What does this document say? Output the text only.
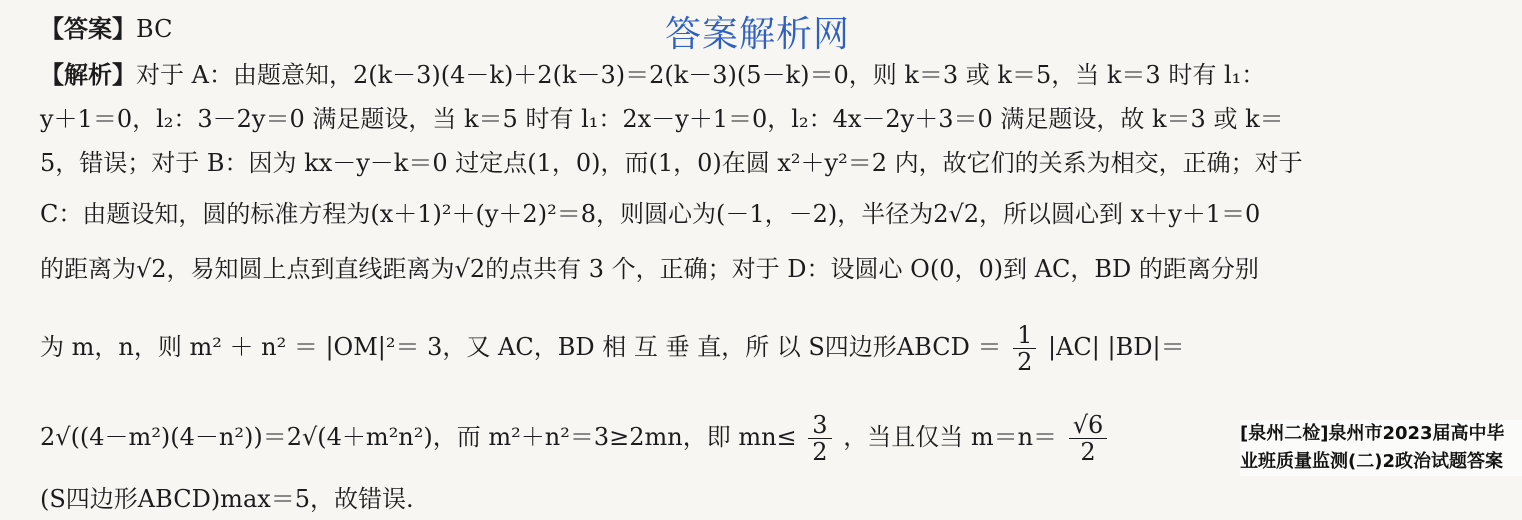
答案解析网
【答案】BC
【解析】对于 A：由题意知，2(k－3)(4－k)＋2(k－3)＝2(k－3)(5－k)＝0，则 k＝3 或 k＝5，当 k＝3 时有 l₁：
y＋1＝0，l₂：3－2y＝0 满足题设，当 k＝5 时有 l₁：2x－y＋1＝0，l₂：4x－2y＋3＝0 满足题设，故 k＝3 或 k＝
5，错误；对于 B：因为 kx－y－k＝0 过定点(1，0)，而(1，0)在圆 x²＋y²＝2 内，故它们的关系为相交，正确；对于
C：由题设知，圆的标准方程为(x＋1)²＋(y＋2)²＝8，则圆心为(－1，－2)，半径为2√2，所以圆心到 x＋y＋1＝0
的距离为√2，易知圆上点到直线距离为√2的点共有 3 个，正确；对于 D：设圆心 O(0，0)到 AC，BD 的距离分别
为 m，n，则 m² ＋ n² ＝ |OM|²＝ 3，又 AC，BD 相 互 垂 直，所 以 S四边形ABCD ＝ $\frac{1}{2} |AC|$ |BD|＝
2√((4－m²)(4－n²))＝2√(4＋m²n²)，而 m²＋n²＝3≥2mn，即 $mn\le \frac{3}{2}$ ，当且仅当 $m=n= \frac{√6}{2}$
(S四边形ABCD)max＝5，故错误.
[泉州二检]泉州市2023届高中毕业班质量监测(二)2政治试题答案
